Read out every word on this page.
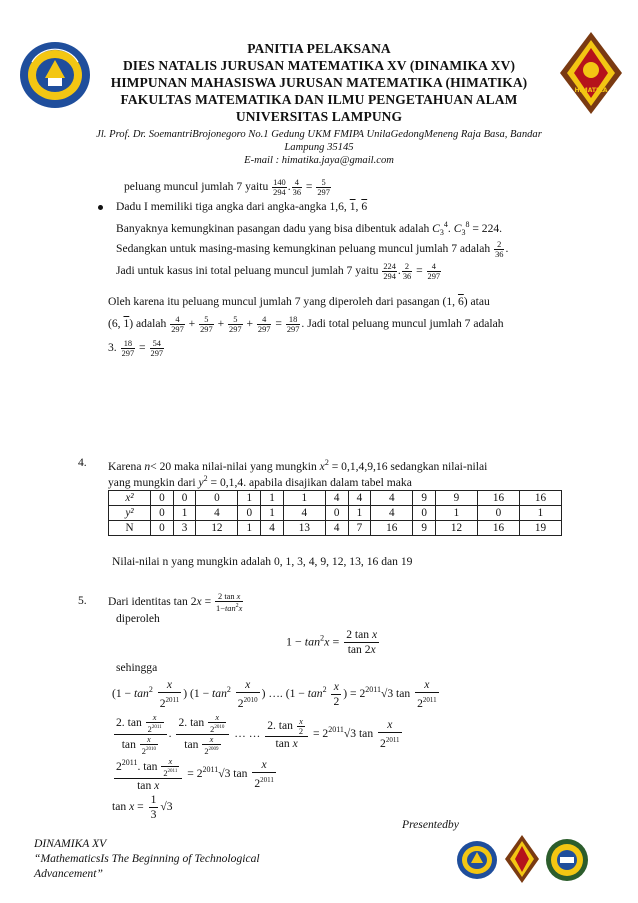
HIMATIKA
PANITIA PELAKSANA
DIES NATALIS JURUSAN MATEMATIKA XV (DINAMIKA XV)
HIMPUNAN MAHASISWA JURUSAN MATEMATIKA (HIMATIKA)
FAKULTAS MATEMATIKA DAN ILMU PENGETAHUAN ALAM
UNIVERSITAS LAMPUNG
Jl. Prof. Dr. SoemantriBrojonegoro No.1 Gedung UKM FMIPA UnilaGedongMeneng Raja Basa, Bandar
Lampung 35145
E-mail : himatika.jaya@gmail.com
peluang muncul jumlah 7 yaitu $\frac{140}{294}$ . $\frac{4}{36} = \frac{5}{297}$
Dadu I memiliki tiga angka dari angka-angka 1,6, 1, 6
Banyaknya kemungkinan pasangan dadu yang bisa dibentuk adalah $C_3^4$. $C_3^8 = 224$.
Sedangkan untuk masing-masing kemungkinan peluang muncul jumlah 7 adalah $\frac{2}{36}$ .
Jadi untuk kasus ini total peluang muncul jumlah 7 yaitu $\frac{224}{294}$ . $\frac{2}{36} = \frac{4}{297}$
Oleh karena itu peluang muncul jumlah 7 yang diperoleh dari pasangan (1, 6) atau
(6, 1) adalah $\frac{4}{297} + \frac{5}{297} + \frac{5}{297} + \frac{4}{297} = \frac{18}{297}$ . Jadi total peluang muncul jumlah 7 adalah
3. $\frac{18}{297} = \frac{54}{297}$
4. Karena n< 20 maka nilai-nilai yang mungkin $x^2 = 0,1,4,9,16$ sedangkan nilai-nilai
yang mungkin dari $y^2 = 0,1,4$. apabila disajikan dalam tabel maka
x²	0	0	0	1	1	1	4	4	4	9	9	16	16
y²	0	1	4	0	1	4	0	1	4	0	1	0	1
N	0	3	12	1	4	13	4	7	16	9	12	16	19
Nilai-nilai n yang mungkin adalah 0, 1, 3, 4, 9, 12, 13, 16 dan 19
5. Dari identitas $\tan 2x = \frac{\text{2 tan x}}{1-\tan^2x}$
diperoleh
$1 - \tan^2x = \frac{\text{2 tan x}}{\tan 2x}$
sehingga
($1 - \tan^2 \frac{x}{2^{2011}}$ ) ($1 - \tan^2 \frac{x}{2^{2010}}$ ) …. ($1 - \tan^2 \frac{x}{2}$ ) = $2^{2011}√3$ $\tan \frac{x}{2^{2011}}$
$\frac{2. \tan \frac{x}{2^{2011}}}{\tan \frac{x}{2^{2010}}}$ . $\frac{2. \tan \frac{x}{2^{2010}}}{\tan \frac{x}{2^{2009}}}$ … … $\frac{2. \tan \frac{x}{2}}{\text{tan x}} = 2^{2011}√3$ $\tan \frac{x}{2^{2011}}$
$\frac{2^{2011}. \tan \frac{x}{2^{2011}}}{\text{tan x}} = 2^{2011}√3$ $\tan \frac{x}{2^{2011}}$
$\tan x = \frac{1}{3} √3$
Presentedby
DINAMIKA XV
“MathematicsIs The Beginning of Technological
Advancement”
